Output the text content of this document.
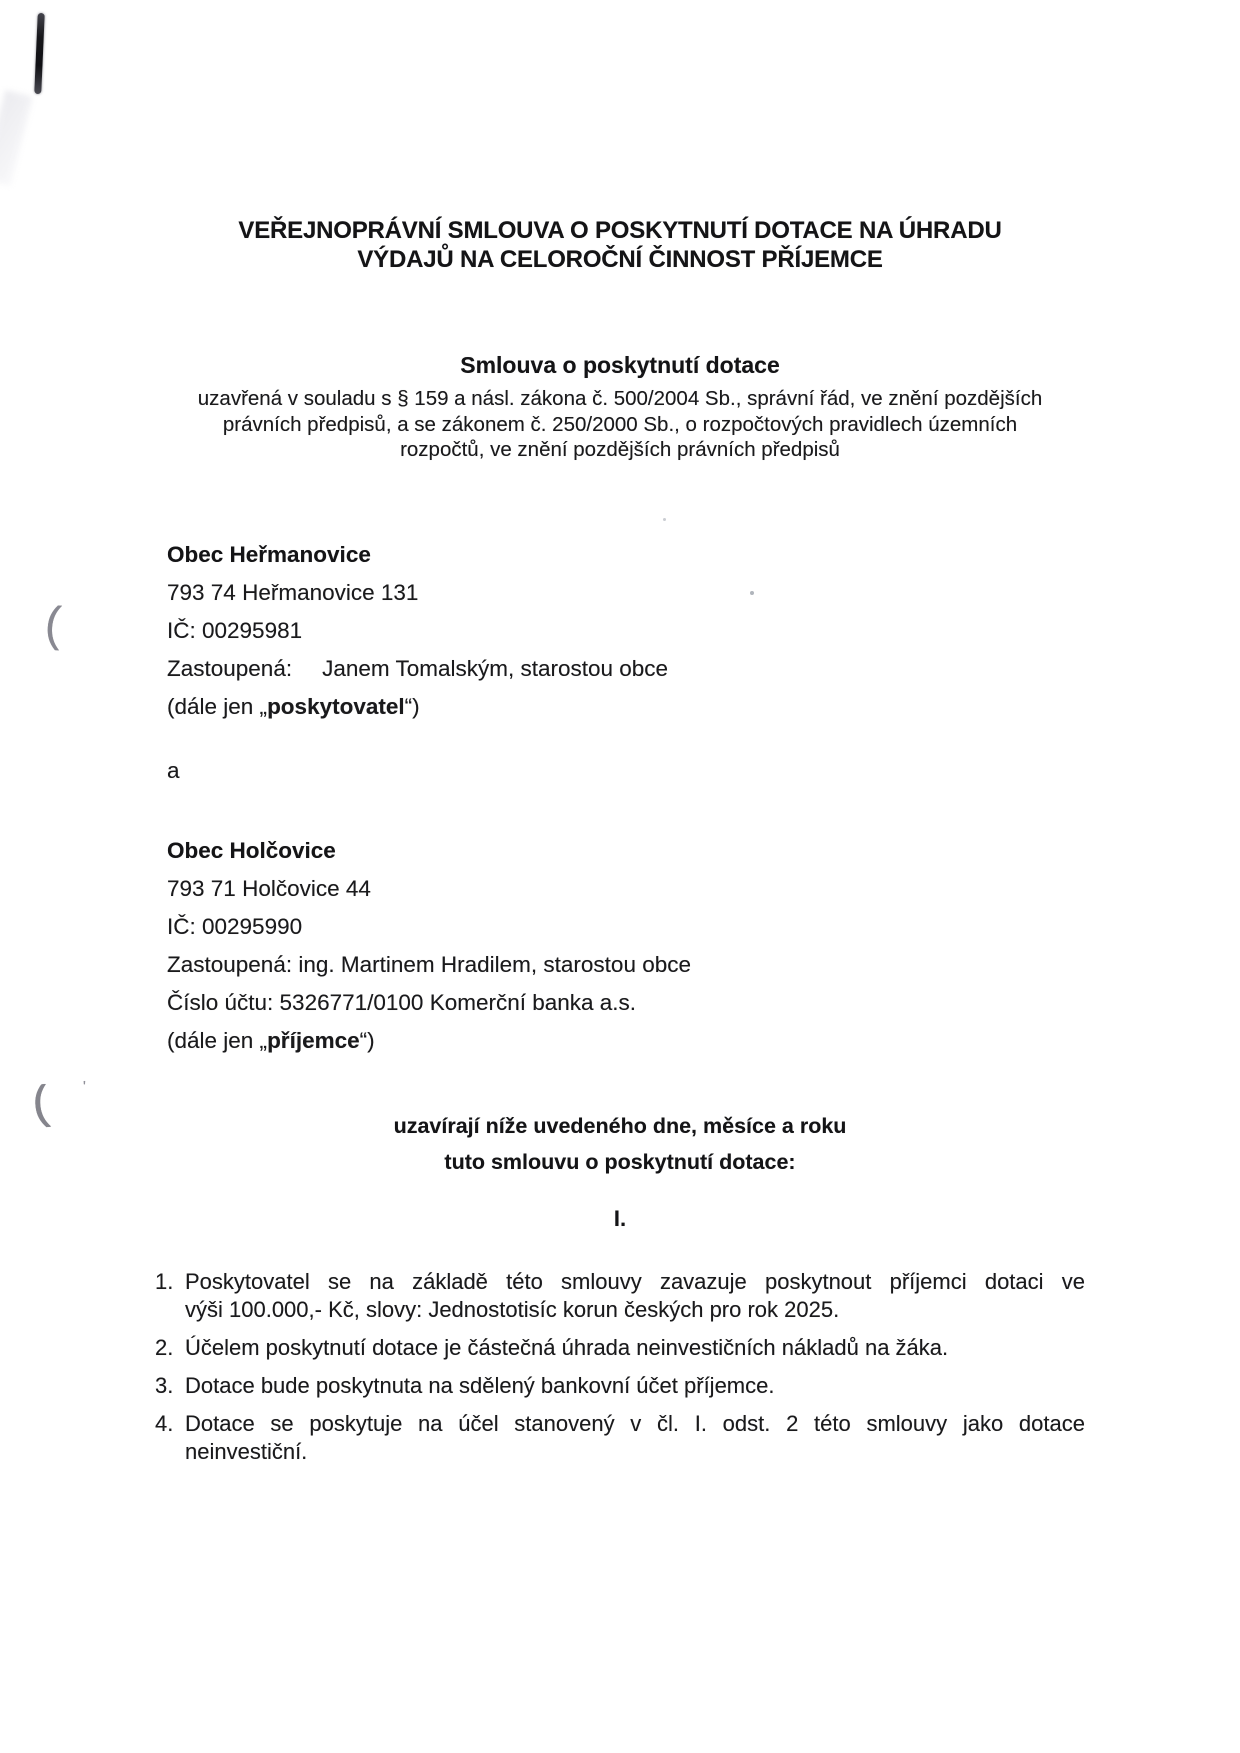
(
((	'
VEŘEJNOPRÁVNÍ SMLOUVA O POSKYTNUTÍ DOTACE NA ÚHRADU
VÝDAJŮ NA CELOROČNÍ ČINNOST PŘÍJEMCE
Smlouva o poskytnutí dotace
uzavřená v souladu s § 159 a násl. zákona č. 500/2004 Sb., správní řád, ve znění pozdějších
právních předpisů, a se zákonem č. 250/2000 Sb., o rozpočtových pravidlech územních
rozpočtů, ve znění pozdějších právních předpisů
Obec Heřmanovice
793 74 Heřmanovice 131
IČ: 00295981
Zastoupená: Janem Tomalským, starostou obce
(dále jen „poskytovatel“)
a
Obec Holčovice
793 71 Holčovice 44
IČ: 00295990
Zastoupená: ing. Martinem Hradilem, starostou obce
Číslo účtu: 5326771/0100 Komerční banka a.s.
(dále jen „příjemce“)
uzavírají níže uvedeného dne, měsíce a roku
tuto smlouvu o poskytnutí dotace:
I.
1. Poskytovatel se na základě této smlouvy zavazuje poskytnout příjemci dotaci ve
výši 100.000,- Kč, slovy: Jednostotisíc korun českých pro rok 2025.
2. Účelem poskytnutí dotace je částečná úhrada neinvestičních nákladů na žáka.
3. Dotace bude poskytnuta na sdělený bankovní účet příjemce.
4. Dotace se poskytuje na účel stanovený v čl. I. odst. 2 této smlouvy jako dotace
neinvestiční.
